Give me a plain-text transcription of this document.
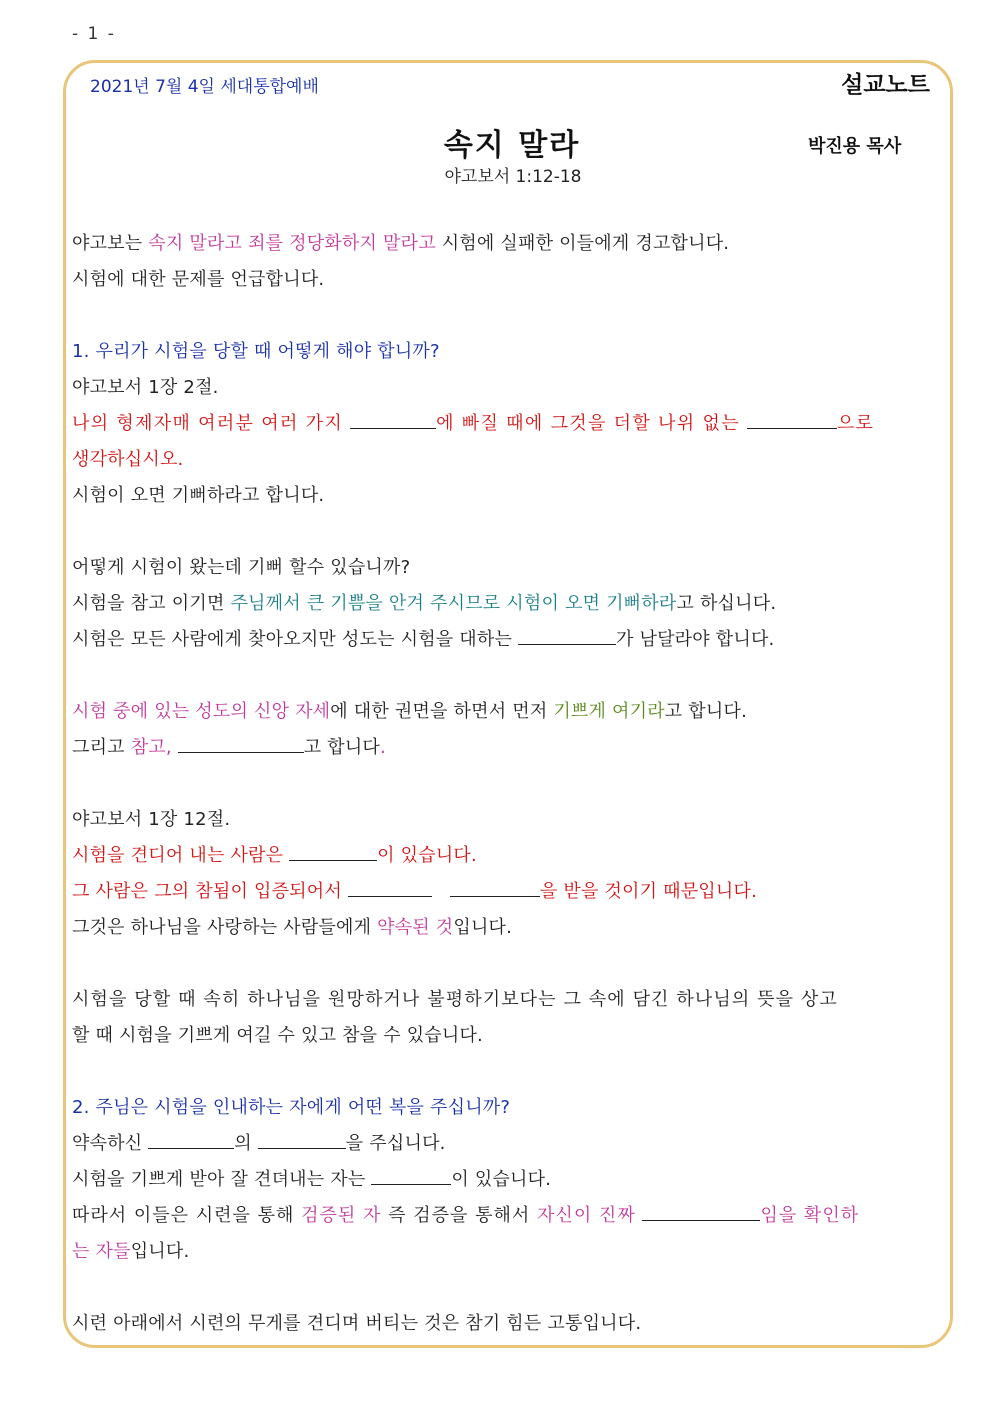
- 1 -
2021년 7월 4일 세대통합예배	설교노트
속지 말라	박진용 목사
야고보서 1:12-18
야고보는 속지 말라고 죄를 정당화하지 말라고 시험에 실패한 이들에게 경고합니다.
시험에 대한 문제를 언급합니다.
1. 우리가 시험을 당할 때 어떻게 해야 합니까?
야고보서 1장 2절.
나의 형제자매 여러분 여러 가지	에 빠질 때에 그것을 더할 나위 없는	으로
생각하십시오.
시험이 오면 기뻐하라고 합니다.
어떻게 시험이 왔는데 기뻐 할수 있습니까?
시험을 참고 이기면 주님께서 큰 기쁨을 안겨 주시므로 시험이 오면 기뻐하라고 하십니다.
시험은 모든 사람에게 찾아오지만 성도는 시험을 대하는	가 남달라야 합니다.
시험 중에 있는 성도의 신앙 자세에 대한 권면을 하면서 먼저 기쁘게 여기라고 합니다.
그리고 참고,	고 합니다.
야고보서 1장 12절.
시험을 견디어 내는 사람은	이 있습니다.
그 사람은 그의 참됨이 입증되어서	을 받을 것이기 때문입니다.
그것은 하나님을 사랑하는 사람들에게 약속된 것입니다.
시험을 당할 때 속히 하나님을 원망하거나 불평하기보다는 그 속에 담긴 하나님의 뜻을 상고
할 때 시험을 기쁘게 여길 수 있고 참을 수 있습니다.
2. 주님은 시험을 인내하는 자에게 어떤 복을 주십니까?
약속하신	의	을 주십니다.
시험을 기쁘게 받아 잘 견뎌내는 자는	이 있습니다.
따라서 이들은 시련을 통해 검증된 자 즉 검증을 통해서 자신이 진짜	임을 확인하
는 자들입니다.
시련 아래에서 시련의 무게를 견디며 버티는 것은 참기 힘든 고통입니다.
